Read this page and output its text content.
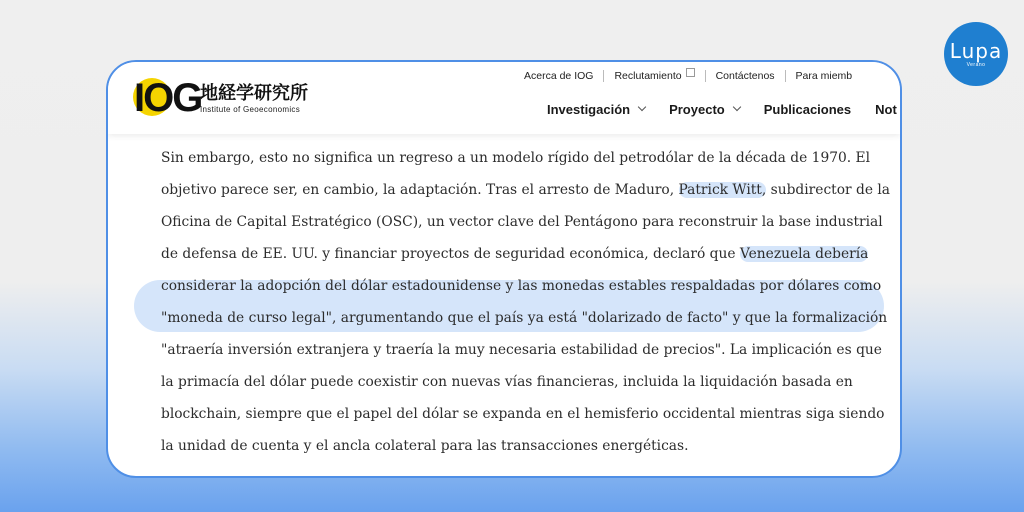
Lupa
Verano
IOG
地経学研究所
Institute of Geoeconomics
Acerca de IOG	Reclutamiento	Contáctenos	Para miemb
Investigación	Proyecto	Publicaciones Not
Sin embargo, esto no significa un regreso a un modelo rígido del petrodólar de la década de 1970. El
objetivo parece ser, en cambio, la adaptación. Tras el arresto de Maduro, Patrick Witt, subdirector de la
Oficina de Capital Estratégico (OSC), un vector clave del Pentágono para reconstruir la base industrial
de defensa de EE. UU. y financiar proyectos de seguridad económica, declaró que Venezuela debería
considerar la adopción del dólar estadounidense y las monedas estables respaldadas por dólares como
"moneda de curso legal", argumentando que el país ya está "dolarizado de facto" y que la formalización
"atraería inversión extranjera y traería la muy necesaria estabilidad de precios". La implicación es que
la primacía del dólar puede coexistir con nuevas vías financieras, incluida la liquidación basada en
blockchain, siempre que el papel del dólar se expanda en el hemisferio occidental mientras siga siendo
la unidad de cuenta y el ancla colateral para las transacciones energéticas.
